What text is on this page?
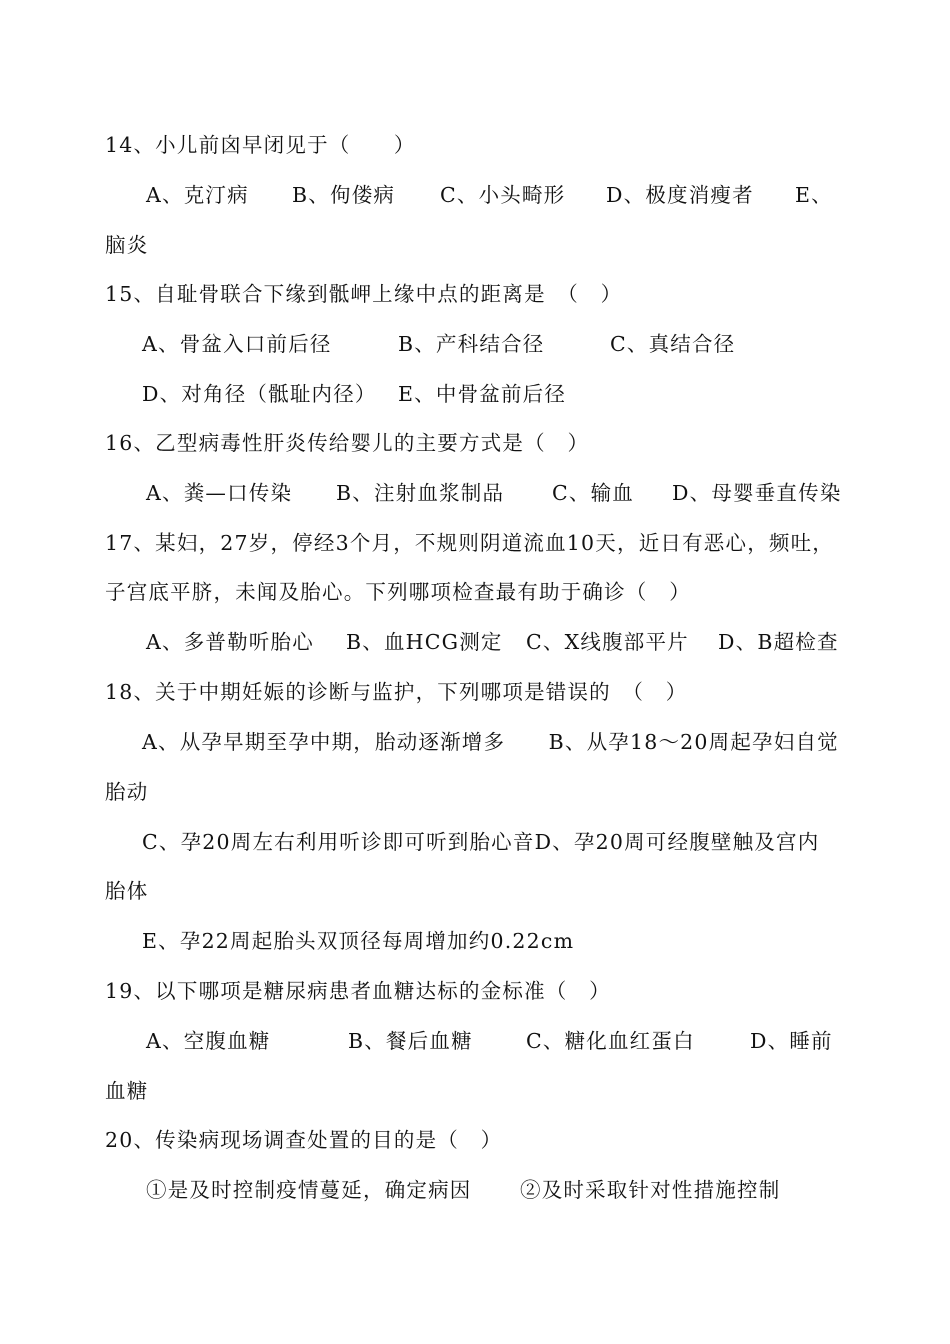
14、小儿前囟早闭见于（　　）

A、克汀病

B、佝偻病

C、小头畸形

D、极度消瘦者

E、

脑炎

15、自耻骨联合下缘到骶岬上缘中点的距离是　（　）

A、骨盆入口前后径

	B、产科结合径

	C、真结合径

D、对角径（骶耻内径）

E、中骨盆前后径

16、乙型病毒性肝炎传给婴儿的主要方式是（　）

A、粪—口传染

B、注射血浆制品

C、输血

D、母婴垂直传染

17、某妇，27岁，停经3个月，不规则阴道流血10天，近日有恶心，频吐，

子宫底平脐，未闻及胎心。下列哪项检查最有助于确诊（　）

A、多普勒听胎心

B、血HCG测定

C、X线腹部平片

D、B超检查

18、关于中期妊娠的诊断与监护，下列哪项是错误的　（　）

A、从孕早期至孕中期，胎动逐渐增多　　B、从孕18～20周起孕妇自觉

胎动

C、孕20周左右利用听诊即可听到胎心音D、孕20周可经腹壁触及宫内

胎体

E、孕22周起胎头双顶径每周增加约0.22cm

19、以下哪项是糖尿病患者血糖达标的金标准（　）

A、空腹血糖

	B、餐后血糖

	C、糖化血红蛋白

	D、睡前

血糖

20、传染病现场调查处置的目的是（　）

①是及时控制疫情蔓延，确定病因

②及时采取针对性措施控制
